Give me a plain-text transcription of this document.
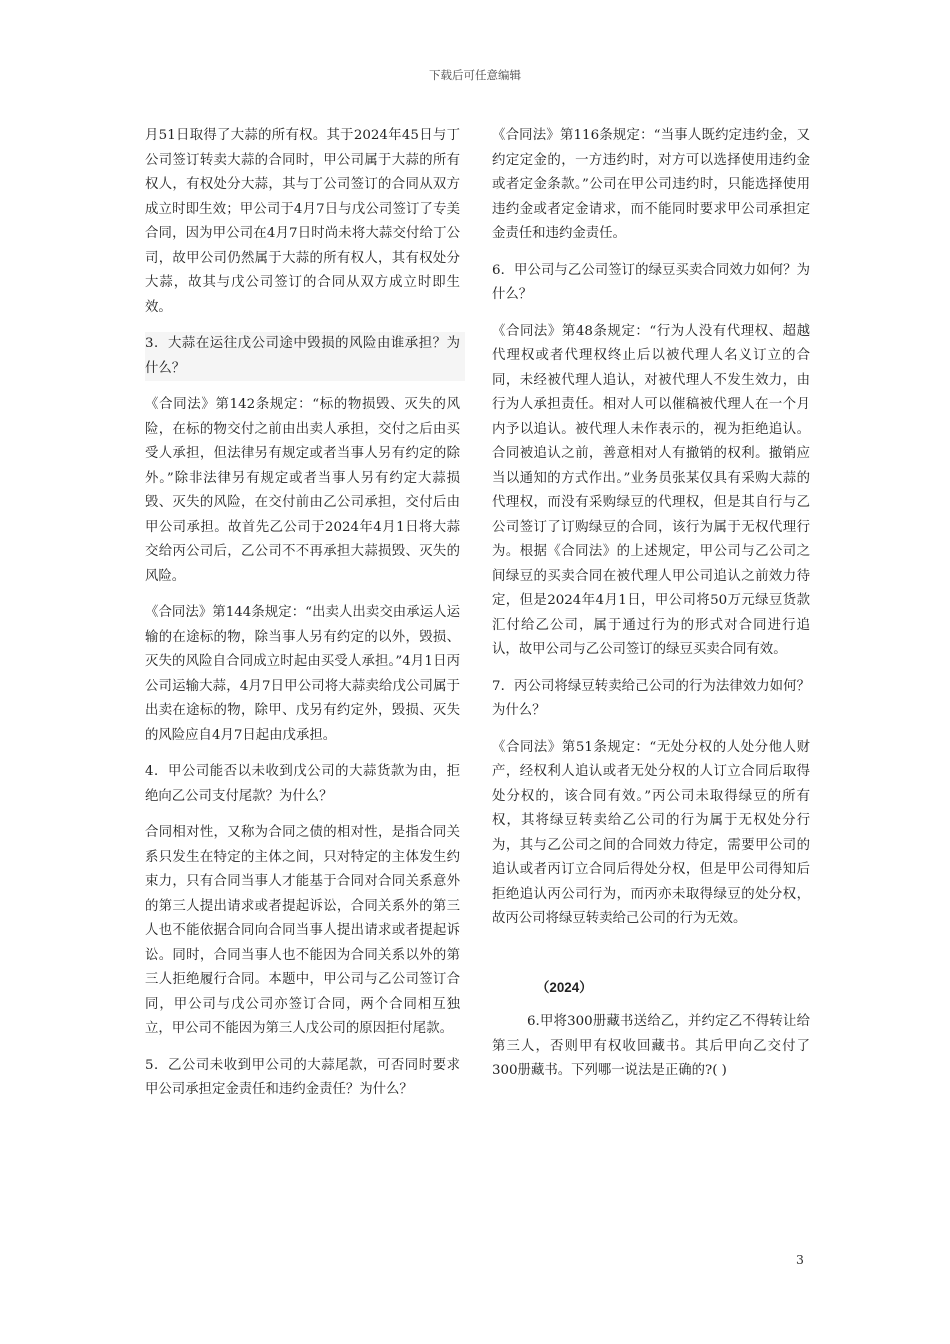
下载后可任意编辑

月51日取得了大蒜的所有权。其于2024年45日与丁公司签订转卖大蒜的合同时，甲公司属于大蒜的所有权人，有权处分大蒜，其与丁公司签订的合同从双方成立时即生效；甲公司于4月7日与戊公司签订了专美合同，因为甲公司在4月7日时尚未将大蒜交付给丁公司，故甲公司仍然属于大蒜的所有权人，其有权处分大蒜，故其与戊公司签订的合同从双方成立时即生效。

3．大蒜在运往戊公司途中毁损的风险由谁承担？为什么？

《合同法》第142条规定：“标的物损毁、灭失的风险，在标的物交付之前由出卖人承担，交付之后由买受人承担，但法律另有规定或者当事人另有约定的除外。”除非法律另有规定或者当事人另有约定大蒜损毁、灭失的风险，在交付前由乙公司承担，交付后由甲公司承担。故首先乙公司于2024年4月1日将大蒜交给丙公司后，乙公司不不再承担大蒜损毁、灭失的风险。

《合同法》第144条规定：“出卖人出卖交由承运人运输的在途标的物，除当事人另有约定的以外，毁损、灭失的风险自合同成立时起由买受人承担。”4月1日丙公司运输大蒜，4月7日甲公司将大蒜卖给戊公司属于出卖在途标的物，除甲、戊另有约定外，毁损、灭失的风险应自4月7日起由戊承担。

4．甲公司能否以未收到戊公司的大蒜货款为由，拒绝向乙公司支付尾款？为什么？

合同相对性，又称为合同之债的相对性，是指合同关系只发生在特定的主体之间，只对特定的主体发生约束力，只有合同当事人才能基于合同对合同关系意外的第三人提出请求或者提起诉讼，合同关系外的第三人也不能依据合同向合同当事人提出请求或者提起诉讼。同时，合同当事人也不能因为合同关系以外的第三人拒绝履行合同。本题中，甲公司与乙公司签订合同，甲公司与戊公司亦签订合同，两个合同相互独立，甲公司不能因为第三人戊公司的原因拒付尾款。

5．乙公司未收到甲公司的大蒜尾款，可否同时要求甲公司承担定金责任和违约金责任？为什么？

《合同法》第116条规定：“当事人既约定违约金，又约定定金的，一方违约时，对方可以选择使用违约金或者定金条款。”公司在甲公司违约时，只能选择使用违约金或者定金请求，而不能同时要求甲公司承担定金责任和违约金责任。

6．甲公司与乙公司签订的绿豆买卖合同效力如何？为什么？

《合同法》第48条规定：“行为人没有代理权、超越代理权或者代理权终止后以被代理人名义订立的合同，未经被代理人追认，对被代理人不发生效力，由行为人承担责任。相对人可以催稿被代理人在一个月内予以追认。被代理人未作表示的，视为拒绝追认。合同被追认之前，善意相对人有撤销的权利。撤销应当以通知的方式作出。”业务员张某仅具有采购大蒜的代理权，而没有采购绿豆的代理权，但是其自行与乙公司签订了订购绿豆的合同，该行为属于无权代理行为。根据《合同法》的上述规定，甲公司与乙公司之间绿豆的买卖合同在被代理人甲公司追认之前效力待定，但是2024年4月1日，甲公司将50万元绿豆货款汇付给乙公司，属于通过行为的形式对合同进行追认，故甲公司与乙公司签订的绿豆买卖合同有效。

7．丙公司将绿豆转卖给己公司的行为法律效力如何？为什么？

《合同法》第51条规定：“无处分权的人处分他人财产，经权利人追认或者无处分权的人订立合同后取得处分权的，该合同有效。”丙公司未取得绿豆的所有权，其将绿豆转卖给乙公司的行为属于无权处分行为，其与乙公司之间的合同效力待定，需要甲公司的追认或者丙订立合同后得处分权，但是甲公司得知后拒绝追认丙公司行为，而丙亦未取得绿豆的处分权，故丙公司将绿豆转卖给己公司的行为无效。

（2024）

6.甲将300册藏书送给乙，并约定乙不得转让给第三人，否则甲有权收回藏书。其后甲向乙交付了300册藏书。下列哪一说法是正确的?( )

3
